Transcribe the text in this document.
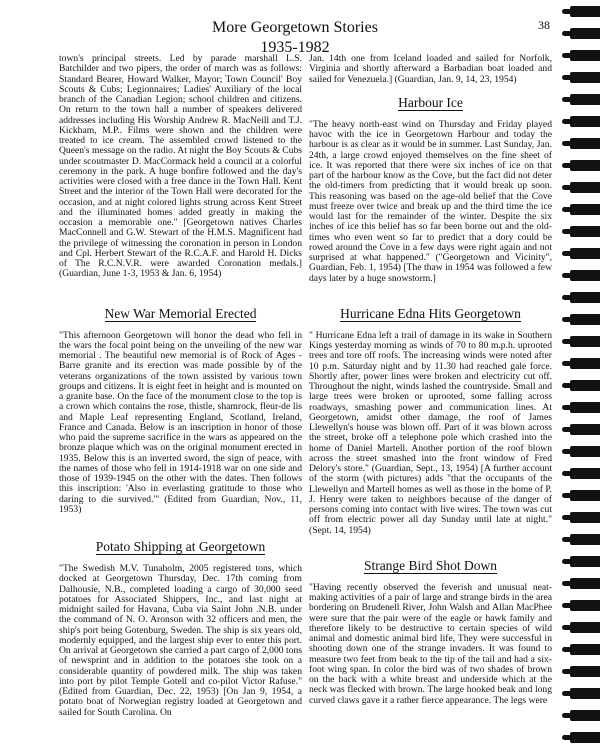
More Georgetown Stories
1935-1982
38

town's principal streets. Led by parade marshall L.S. Batchilder and two pipers, the order of march was as follows: Standard Bearer, Howard Walker, Mayor; Town Council' Boy Scouts & Cubs; Legionnaires; Ladies' Auxiliary of the local branch of the Canadian Legion; school children and citizens. On return to the town hall a number of speakers delivered addresses including His Worship Andrew R. MacNeill and T.J. Kickham, M.P.. Films were shown and the children were treated to ice cream. The assembled crowd listened to the Queen's message on the radio. At night the Boy Scouts & Cubs under scoutmaster D. MacCormack held a council at a colorful ceremony in the park. A huge bonfire followed and the day's activities were closed with a free dance in the Town Hall. Kent Street and the interior of the Town Hall were decorated for the occasion, and at night colored lights strung across Kent Street and the illuminated homes added greatly in making the occasion a memorable one." [Georgetown natives Charles MacConnell and G.W. Stewart of the H.M.S. Magnificent had the privilege of witnessing the coronation in person in London and Cpl. Herbert Stewart of the R.C.A.F. and Harold H. Dicks of The R.C.N.V.R. were awarded Coronation medals.] (Guardian, June 1-3, 1953 & Jan. 6, 1954)

New War Memorial Erected

"This afternoon Georgetown will honor the dead who fell in the wars the focal point being on the unveiling of the new war memorial . The beautiful new memorial is of Rock of Ages - Barre granite and its erection was made possible by of the veterans organizations of the town assisted by various town groups and citizens. It is eight feet in height and is mounted on a granite base. On the face of the monument close to the top is a crown which contains the rose, thistle, shamrock, fleur-de lis and Maple Leaf representing England, Scotland, Ireland, France and Canada. Below is an inscription in honor of those who paid the supreme sacrifice in the wars as appeared on the bronze plaque which was on the original monument erected in 1935. Below this is an inverted sword, the sign of peace, with the names of those who fell in 1914-1918 war on one side and those of 1939-1945 on the other with the dates. Then follows this inscription: 'Also in everlasting gratitude to those who daring to die survived.'" (Edited from Guardian, Nov., 11, 1953)

Potato Shipping at Georgetown

"The Swedish M.V. Tunaholm, 2005 registered tons, which docked at Georgetown Thursday, Dec. 17th coming from Dalhousie, N.B., completed loading a cargo of 30,000 seed potatoes for Associated Shippers, Inc., and last night at midnight sailed for Havana, Cuba via Saint John .N.B. under the command of N. O. Aronson with 32 officers and men, the ship's port being Gotenburg, Sweden. The ship is six years old, modernly equipped, and the largest ship ever to enter this port. On arrival at Georgetown she carried a part cargo of 2,000 tons of newsprint and in addition to the potatoes she took on a considerable quantity of powdered milk. The ship was taken into port by pilot Temple Gotell and co-pilot Victor Rafuse." (Edited from Guardian, Dec. 22, 1953) [On Jan 9, 1954, a potato boat of Norwegian registry loaded at Georgetown and sailed for South Carolina. On

Jan. 14th one from Iceland loaded and sailed for Norfolk, Virginia and shortly afterward a Barbadian boat loaded and sailed for Venezuela.] (Guardian, Jan. 9, 14, 23, 1954)

Harbour Ice

"The heavy north-east wind on Thursday and Friday played havoc with the ice in Georgetown Harbour and today the harbour is as clear as it would be in summer. Last Sunday, Jan. 24th, a large crowd enjoyed themselves on the fine sheet of ice. It was reported that there were six inches of ice on that part of the harbour know as the Cove, but the fact did not deter the old-timers from predicting that it would break up soon. This reasoning was based on the age-old belief that the Cove must freeze over twice and break up and the third time the ice would last for the remainder of the winter. Despite the six inches of ice this belief has so far been borne out and the old-times who even went so far to predict that a dory could be rowed around the Cove in a few days were right again and not surprised at what happened." ("Georgetown and Vicinity", Guardian, Feb. 1, 1954) [The thaw in 1954 was followed a few days later by a huge snowstorm.]

Hurricane Edna Hits Georgetown

" Hurricane Edna left a trail of damage in its wake in Southern Kings yesterday morning as winds of 70 to 80 m.p.h. uprooted trees and tore off roofs. The increasing winds were noted after 10 p.m. Saturday night and by 11.30 had reached gale force. Shortly after, power lines were broken and electricity cut off. Throughout the night, winds lashed the countryside. Small and large trees were broken or uprooted, some falling across roadways, smashing power and communication lines. At Georgetown, amidst other damage, the roof of James Llewellyn's house was blown off. Part of it was blown across the street, broke off a telephone pole which crashed into the home of Daniel Martell. Another portion of the roof blown across the street smashed into the front window of Fred Delory's store." (Guardian, Sept., 13, 1954) [A further account of the storm (with pictures) adds "that the occupants of the Llewellyn and Martell homes as well as those in the home of P. J. Henry were taken to neighbors because of the danger of persons coming into contact with live wires. The town was cut off from electric power all day Sunday until late at night." (Sept. 14, 1954)

Strange Bird Shot Down

"Having recently observed the feverish and unusual neat-making activities of a pair of large and strange birds in the area bordering on Brudenell River, John Walsh and Allan MacPhee were sure that the pair were of the eagle or hawk family and therefore likely to be destructive to certain species of wild animal and domestic animal bird life, They were successful in shooting down one of the strange invaders. It was found to measure two feet from beak to the tip of the tail and had a six-foot wing span. In color the bird was of two shades of brown on the back with a white breast and underside which at the neck was flecked with brown. The large hooked beak and long curved claws gave it a rather fierce appearance. The legs were
